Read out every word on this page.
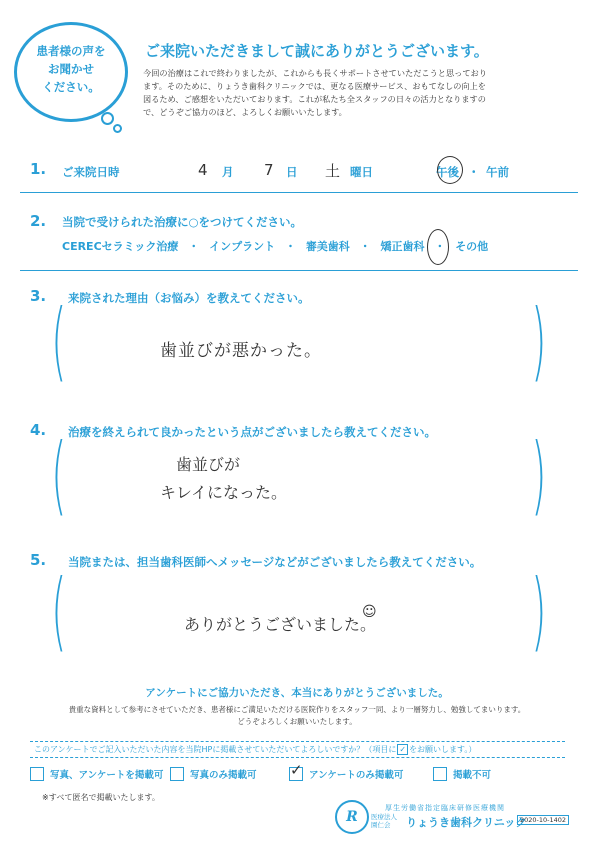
患者様の声を
お聞かせ
ください。
ご来院いただきまして誠にありがとうございます。
今回の治療はこれで終わりましたが、これからも長くサポートさせていただこうと思っており
ます。そのために、りょうき歯科クリニックでは、更なる医療サービス、おもてなしの向上を
図るため、ご感想をいただいております。これが私たち全スタッフの日々の活力となりますの
で、どうぞご協力のほど、よろしくお願いいたします。
1. ご来院日時	4 月 7 日 土 曜日	午後 ・ 午前
2. 当院で受けられた治療に○をつけてください。
CERECセラミック治療 ・ インプラント ・ 審美歯科 ・ 矯正歯科 ・ その他
3. 来院された理由（お悩み）を教えてください。
(	)
歯並びが悪かった。
4. 治療を終えられて良かったという点がございましたら教えてください。
(	)
歯並びが
キレイになった。
5. 当院または、担当歯科医師へメッセージなどがございましたら教えてください。
(	)
ありがとうございました。
☺
アンケートにご協力いただき、本当にありがとうございました。
貴重な資料として参考にさせていただき、患者様にご満足いただける医院作りをスタッフ一同、より一層努力し、勉強してまいります。
どうぞよろしくお願いいたします。
このアンケートでご記入いただいた内容を当院HPに掲載させていただいてよろしいですか？（項目に ✓ をお願いします。）
写真、アンケートを掲載可	写真のみ掲載可 ✓ アンケートのみ掲載可	掲載不可
※すべて匿名で掲載いたします。
R
厚生労働省指定臨床研修医療機関
医療法人
園仁会	りょうき歯科クリニック
2020-10-1402
